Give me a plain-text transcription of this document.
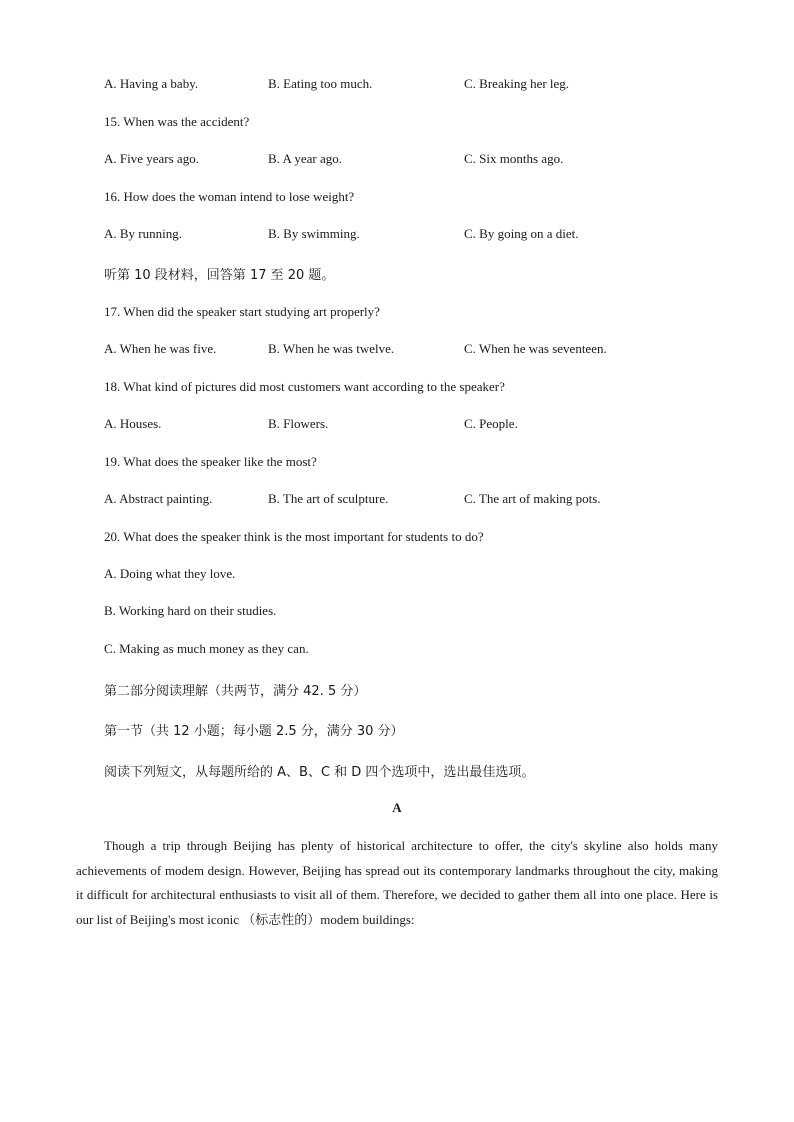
A. Having a baby.	B. Eating too much.	C. Breaking her leg.
15. When was the accident?
A. Five years ago.	B. A year ago.	C. Six months ago.
16. How does the woman intend to lose weight?
A. By running.	B. By swimming.	C. By going on a diet.
听第 10 段材料，回答第 17 至 20 题。
17. When did the speaker start studying art properly?
A. When he was five.	B. When he was twelve.	C. When he was seventeen.
18. What kind of pictures did most customers want according to the speaker?
A. Houses.	B. Flowers.	C. People.
19. What does the speaker like the most?
A. Abstract painting.	B. The art of sculpture.	C. The art of making pots.
20. What does the speaker think is the most important for students to do?
A. Doing what they love.
B. Working hard on their studies.
C. Making as much money as they can.
第二部分阅读理解（共两节，满分 42. 5 分）
第一节（共 12 小题；每小题 2.5 分，满分 30 分）
阅读下列短文，从每题所给的 A、B、C 和 D 四个选项中，选出最佳选项。
A
Though a trip through Beijing has plenty of historical architecture to offer, the city's skyline also holds many achievements of modem design. However, Beijing has spread out its contemporary landmarks throughout the city, making it difficult for architectural enthusiasts to visit all of them. Therefore, we decided to gather them all into one place. Here is our list of Beijing's most iconic （标志性的）modem buildings:
